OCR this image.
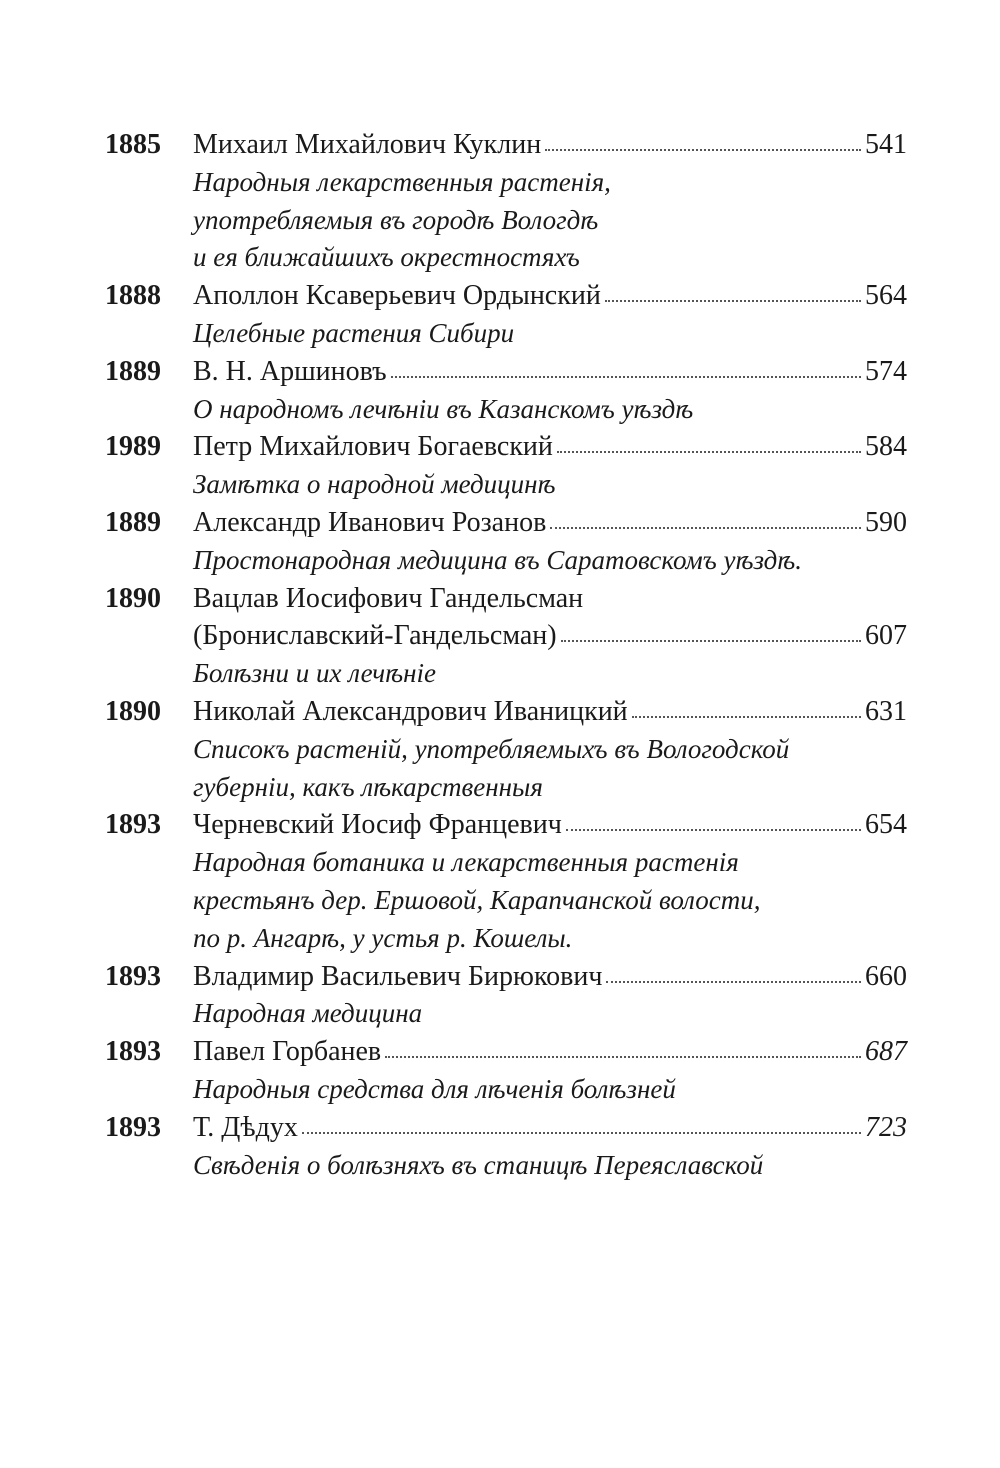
1885	Михаил Михайлович Куклин	541
Народныя лекарственныя растенія,
употребляемыя въ городѣ Вологдѣ
и ея ближайшихъ окрестностяхъ
1888	Аполлон Ксаверьевич Ордынский	564
Целебные растения Сибири
1889	В. Н. Аршиновъ	574
О народномъ лечѣніи въ Казанскомъ уѣздѣ
1989	Петр Михайлович Богаевский	584
Замѣтка о народной медицинѣ
1889	Александр Иванович Розанов	590
Простонародная медицина въ Саратовскомъ уѣздѣ.
1890	Вацлав Иосифович Гандельсман
(Брониславский-Гандельсман)	607
Болѣзни и их лечѣніе
1890	Николай Александрович Иваницкий	631
Списокъ растеній, употребляемыхъ въ Вологодской
губерніи, какъ лѣкарственныя
1893	Черневский Иосиф Францевич	654
Народная ботаника и лекарственныя растенія
крестьянъ дер. Ершовой, Карапчанской волости,
по р. Ангарѣ, у устья р. Кошелы.
1893	Владимир Васильевич Бирюкович	660
Народная медицина
1893	Павел Горбанев	687
Народныя средства для лѣченія болѣзней
1893	Т. Дѣдух	723
Свѣденія о болѣзняхъ въ станицѣ Переяславской
